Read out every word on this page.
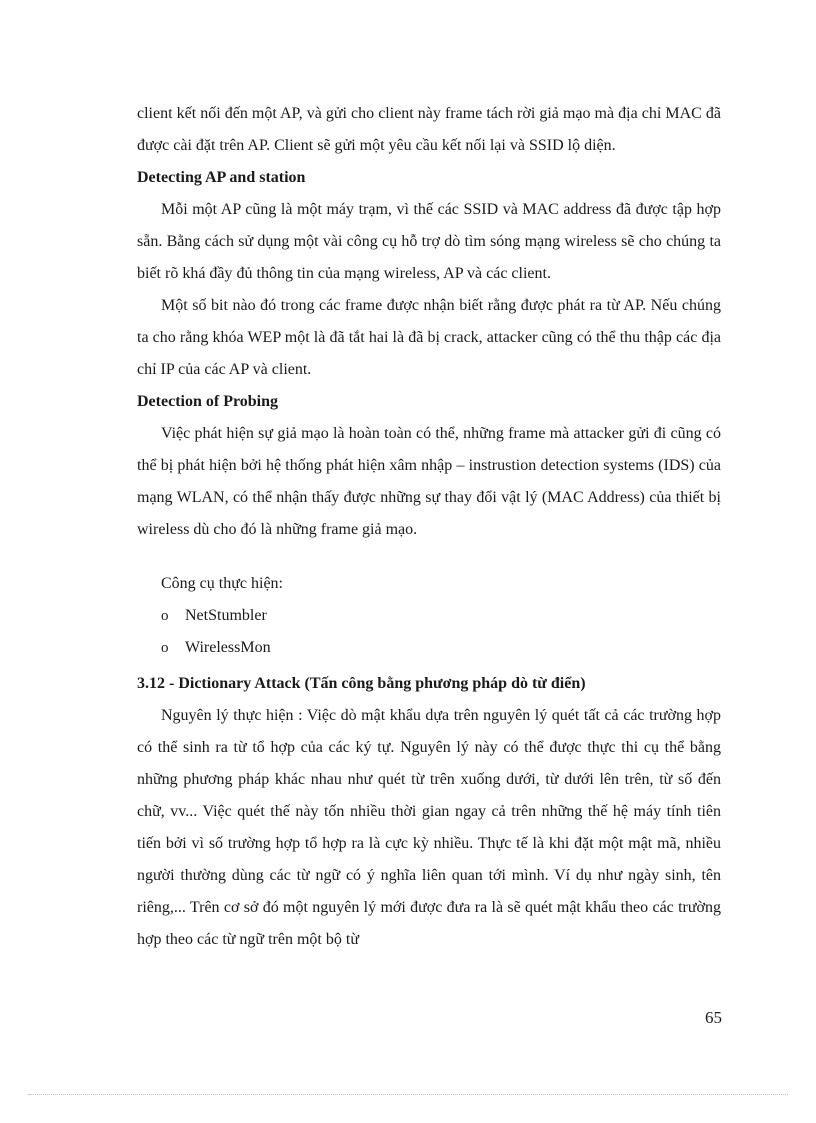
client kết nối đến một AP, và gửi cho client này frame tách rời giả mạo mà địa chỉ MAC đã được cài đặt trên AP. Client sẽ gửi một yêu cầu kết nối lại và SSID lộ diện.

Detecting AP and station

Mỗi một AP cũng là một máy trạm, vì thế các SSID và MAC address đã được tập hợp sẵn. Bằng cách sử dụng một vài công cụ hỗ trợ dò tìm sóng mạng wireless sẽ cho chúng ta biết rõ khá đầy đủ thông tin của mạng wireless, AP và các client.

Một số bit nào đó trong các frame được nhận biết rằng được phát ra từ AP. Nếu chúng ta cho rằng khóa WEP một là đã tắt hai là đã bị crack, attacker cũng có thể thu thập các địa chỉ IP của các AP và client.

Detection of Probing

Việc phát hiện sự giả mạo là hoàn toàn có thể, những frame mà attacker gửi đi cũng có thể bị phát hiện bởi hệ thống phát hiện xâm nhập – instrustion detection systems (IDS) của mạng WLAN, có thể nhận thấy được những sự thay đổi vật lý (MAC Address) của thiết bị wireless dù cho đó là những frame giả mạo.

Công cụ thực hiện:
o	NetStumbler
o	WirelessMon
3.12 - Dictionary Attack (Tấn công bằng phương pháp dò từ điển)

Nguyên lý thực hiện : Việc dò mật khẩu dựa trên nguyên lý quét tất cả các trường hợp có thể sinh ra từ tổ hợp của các ký tự. Nguyên lý này có thể được thực thi cụ thể bằng những phương pháp khác nhau như quét từ trên xuống dưới, từ dưới lên trên, từ số đến chữ, vv... Việc quét thế này tốn nhiều thời gian ngay cả trên những thế hệ máy tính tiên tiến bởi vì số trường hợp tổ hợp ra là cực kỳ nhiều. Thực tế là khi đặt một mật mã, nhiều người thường dùng các từ ngữ có ý nghĩa liên quan tới mình. Ví dụ như ngày sinh, tên riêng,... Trên cơ sở đó một nguyên lý mới được đưa ra là sẽ quét mật khẩu theo các trường hợp theo các từ ngữ trên một bộ từ

65
